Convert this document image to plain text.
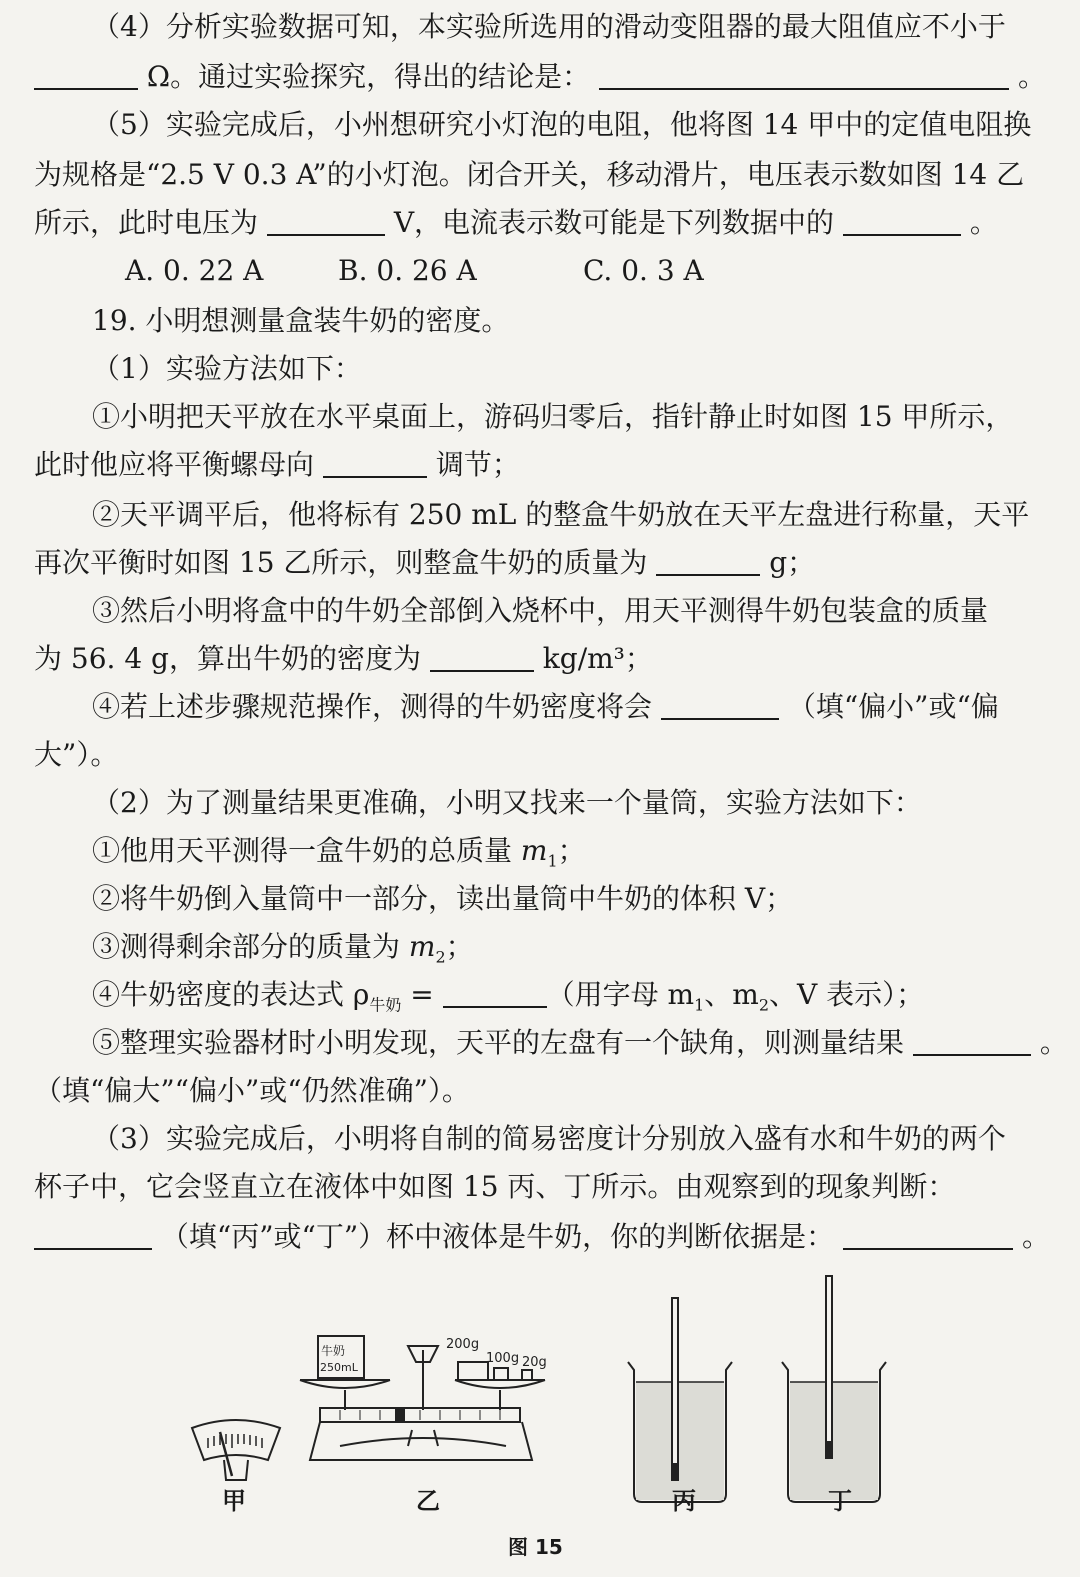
（4）分析实验数据可知，本实验所选用的滑动变阻器的最大阻值应不小于
Ω。通过实验探究，得出的结论是：	。
（5）实验完成后，小州想研究小灯泡的电阻，他将图 14 甲中的定值电阻换
为规格是“2.5 V 0.3 A”的小灯泡。闭合开关，移动滑片，电压表示数如图 14 乙
所示，此时电压为	V，电流表示数可能是下列数据中的	。
A. 0. 22 A	B. 0. 26 A	C. 0. 3 A
19. 小明想测量盒装牛奶的密度。
（1）实验方法如下：
①小明把天平放在水平桌面上，游码归零后，指针静止时如图 15 甲所示，
此时他应将平衡螺母向	调节；
②天平调平后，他将标有 250 mL 的整盒牛奶放在天平左盘进行称量，天平
再次平衡时如图 15 乙所示，则整盒牛奶的质量为	g；
③然后小明将盒中的牛奶全部倒入烧杯中，用天平测得牛奶包装盒的质量
为 56. 4 g，算出牛奶的密度为	kg/m³；
④若上述步骤规范操作，测得的牛奶密度将会	（填“偏小”或“偏
大”）。
（2）为了测量结果更准确，小明又找来一个量筒，实验方法如下：
①他用天平测得一盒牛奶的总质量 $m_1$；
②将牛奶倒入量筒中一部分，读出量筒中牛奶的体积 V；
③测得剩余部分的质量为 $m_2$；
④牛奶密度的表达式 $\rho_{牛奶}$ =	（用字母 $m_1$、$m_2$、V 表示）；
⑤整理实验器材时小明发现，天平的左盘有一个缺角，则测量结果	。
（填“偏大”“偏小”或“仍然准确”）。
（3）实验完成后，小明将自制的简易密度计分别放入盛有水和牛奶的两个
杯子中，它会竖直立在液体中如图 15 丙、丁所示。由观察到的现象判断：
（填“丙”或“丁”）杯中液体是牛奶，你的判断依据是：	。
牛奶
250mL
200g
100g 20g
甲	乙	丙	丁
图 15
